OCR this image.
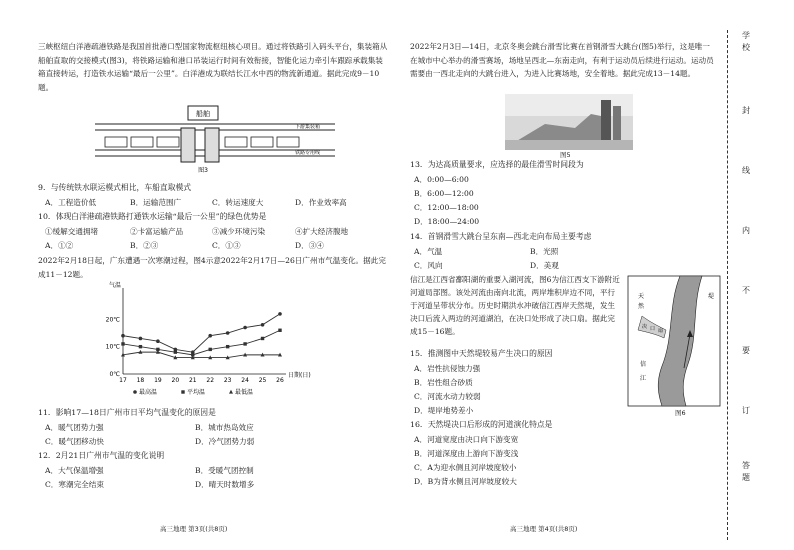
三峡枢纽白洋港疏港铁路是我国首批港口型国家物流枢纽核心项目。通过将铁路引入码头平台，集装箱从船舶直取的交接模式(图3)，将铁路运输和港口吊装运行时间有效衔接，智能化运力牵引车跟踪承载集装箱直接转运，打造铁水运输“最后一公里”。白洋港成为联结长江水中西的物流新通道。据此完成9－10题。

船舶
下游集装箱
铁路专用线
图3

9．与传统铁水联运模式相比，车船直取模式

A．工程造价低	B．运输范围广	C．转运速度大	D．作业效率高

10．体现白洋港疏港铁路打通铁水运输“最后一公里”的绿色优势是

①缓解交通拥堵	②卡富运输产品	③减少环境污染	④扩大经济腹地
A．①②	B．②③	C．①③	D．③④

2022年2月18日起，广东遭遇一次寒潮过程，图4示意2022年2月17日—26日广州市气温变化。据此完成11－12题。

气温
日期(日)
0℃
10℃
20℃
17 18 19 20 21 22 23 24 25 26
最高温	平均温	最低温

11．影响17—18日广州市日平均气温变化的原因是

A．暖气团势力强	B．城市热岛效应
C．暖气团移动快	D．冷气团势力弱

12．2月21日广州市气温的变化说明

A．大气保温增强	B．受暖气团控制
C．寒潮完全结束	D．晴天时数增多
高三地理 第3页(共8页)

2022年2月3日—14日，北京冬奥会跳台滑雪比赛在首钢滑雪大跳台(图5)举行，这是唯一在城市中心举办的滑雪赛场，场地呈西北—东南走向，有利于运动员后续进行运动。运动员需要由一西北走向的大跳台进入，为进入比赛场地，安全着地。据此完成13－14题。

图5

13．为达高质量要求，应选择的最佳滑雪时间段为

A．0:00—6:00
B．6:00—12:00
C．12:00—18:00
D．18:00—24:00

14．首钢滑雪大跳台呈东南—西北走向布局主要考虑

A．气温	B．光照
C．风向	D．美观

信江是江西省鄱阳湖的重要入湖河流，图6为信江西支下游附近河道局部图。该处河流由南向北流，两岸堆积岸边不同，平行于河道呈带状分布。历史时期洪水冲破信江西岸天然堤，发生决口后流入两边的河道湖泊，在决口处形成了决口扇。据此完成15－16题。

天
然
堤
决 口 扇
信
江
图6

15．推测图中天然堤较易产生决口的原因

A．岩性抗侵蚀力强
B．岩性组合砂质
C．河流水动力较弱
D．堤岸地势差小

16．天然堤决口后形成的河道演化特点是

A．河道宽度由决口向下游变宽
B．河道深度由上游向下游变浅
C．A为迎水侧且河岸坡度较小
D．B为背水侧且河岸坡度较大
高三地理 第4页(共8页)
学
校
封
线
内
不
要
订
答
题
